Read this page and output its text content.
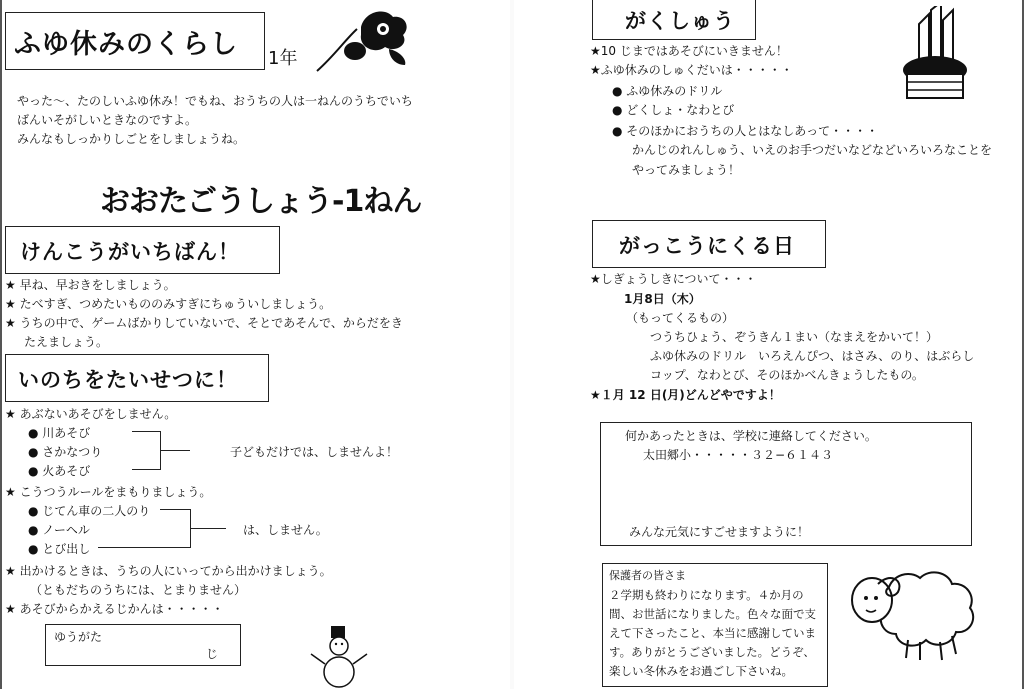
ふゆ休みのくらし 1年
やった〜、たのしいふゆ休み！でもね、おうちの人は一ねんのうちでいち
ばんいそがしいときなのですよ。
みんなもしっかりしごとをしましょうね。
おおたごうしょう-1ねん
けんこうがいちばん！
★ 早ね、早おきをしましょう。
★ たべすぎ、つめたいもののみすぎにちゅういしましょう。
★ うちの中で、ゲームばかりしていないで、そとであそんで、からだをき
たえましょう。
いのちをたいせつに！
★ あぶないあそびをしません。
● 川あそび
● さかなつり
● 火あそび
子どもだけでは、しませんよ！
★ こうつうルールをまもりましょう。
● じてん車の二人のり
● ノーヘル
● とび出し
は、しません。
★ 出かけるときは、うちの人にいってから出かけましょう。
（ともだちのうちには、とまりません）
★ あそびからかえるじかんは・・・・・
ゆうがた
じ
がくしゅう
★10 じまではあそびにいきません！
★ふゆ休みのしゅくだいは・・・・・
● ふゆ休みのドリル
● どくしょ・なわとび
● そのほかにおうちの人とはなしあって・・・・
かんじのれんしゅう、いえのお手つだいなどなどいろいろなことを
やってみましょう！
がっこうにくる日
★しぎょうしきについて・・・
1月8日（木）
（もってくるもの）
つうちひょう、ぞうきん１まい（なまえをかいて！）
ふゆ休みのドリル　いろえんぴつ、はさみ、のり、はぶらし
コップ、なわとび、そのほかべんきょうしたもの。
★１月 12 日(月)どんどやですよ！
何かあったときは、学校に連絡してください。
太田郷小・・・・・３２−６１４３
みんな元気にすごせますように！
保護者の皆さま
２学期も終わりになります。４か月の
間、お世話になりました。色々な面で支
えて下さったこと、本当に感謝していま
す。ありがとうございました。どうぞ、
楽しい冬休みをお過ごし下さいね。
